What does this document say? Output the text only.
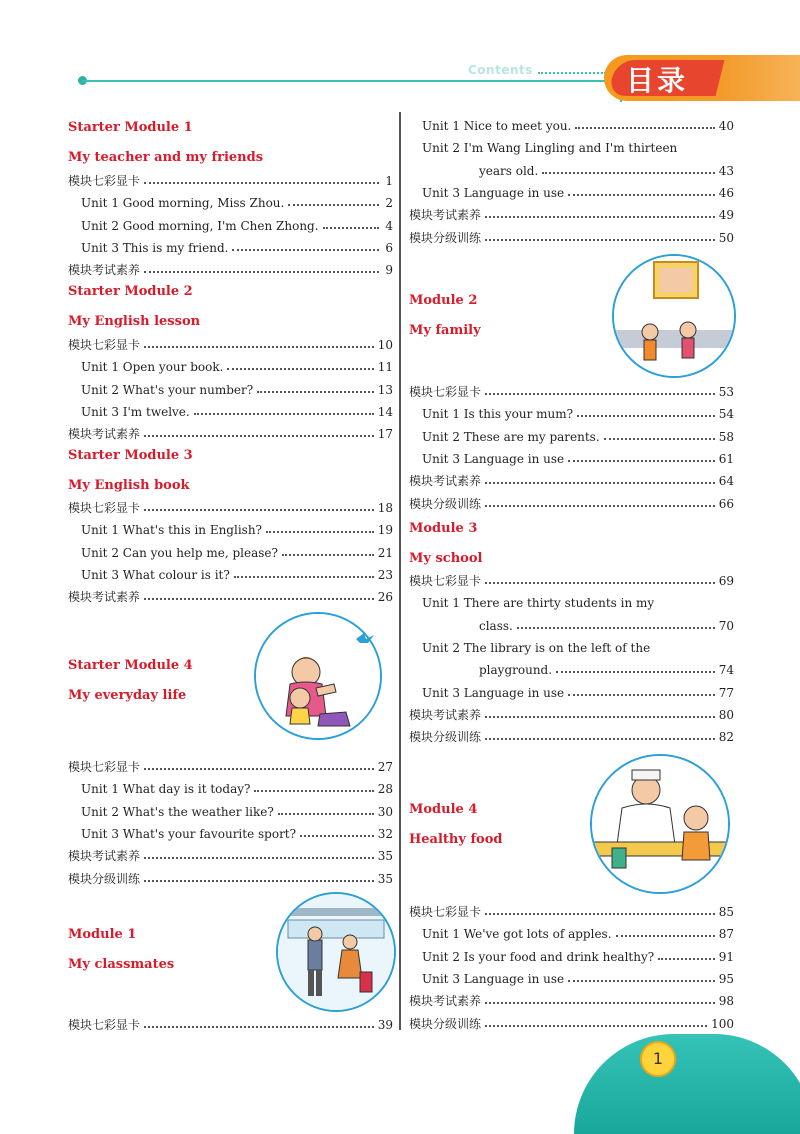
Contents	目录
Starter Module 1
My teacher and my friends
模块七彩显卡	1
Unit 1 Good morning, Miss Zhou.	2
Unit 2 Good morning, I'm Chen Zhong.	4
Unit 3 This is my friend.	6
模块考试素养	9
Starter Module 2
My English lesson
模块七彩显卡	10
Unit 1 Open your book.	11
Unit 2 What's your number?	13
Unit 3 I'm twelve.	14
模块考试素养	17
Starter Module 3
My English book
模块七彩显卡	18
Unit 1 What's this in English?	19
Unit 2 Can you help me, please?	21
Unit 3 What colour is it?	23
模块考试素养	26
Starter Module 4
My everyday life
模块七彩显卡	27
Unit 1 What day is it today?	28
Unit 2 What's the weather like?	30
Unit 3 What's your favourite sport?	32
模块考试素养	35
模块分级训练	35
Module 1
My classmates
模块七彩显卡	39
Unit 1 Nice to meet you.	40
Unit 2 I'm Wang Lingling and I'm thirteen
years old.	43
Unit 3 Language in use	46
模块考试素养	49
模块分级训练	50
Module 2
My family
模块七彩显卡	53
Unit 1 Is this your mum?	54
Unit 2 These are my parents.	58
Unit 3 Language in use	61
模块考试素养	64
模块分级训练	66
Module 3
My school
模块七彩显卡	69
Unit 1 There are thirty students in my
class.	70
Unit 2 The library is on the left of the
playground.	74
Unit 3 Language in use	77
模块考试素养	80
模块分级训练	82
Module 4
Healthy food
模块七彩显卡	85
Unit 1 We've got lots of apples.	87
Unit 2 Is your food and drink healthy?	91
Unit 3 Language in use	95
模块考试素养	98
模块分级训练	100
1
